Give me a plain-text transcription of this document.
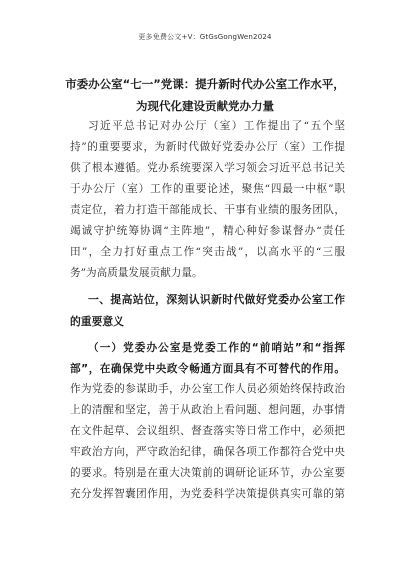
更多免费公文+V：GtGsGongWen2024
市委办公室“七一”党课：提升新时代办公室工作水平，
为现代化建设贡献党办力量
习近平总书记对办公厅（室）工作提出了“五个坚
持”的重要要求，为新时代做好党委办公厅（室）工作提
供了根本遵循。党办系统要深入学习领会习近平总书记关
于办公厅（室）工作的重要论述，聚焦“四最一中枢”职
责定位，着力打造干部能成长、干事有业绩的服务团队，
竭诚守护统筹协调“主阵地”，精心种好参谋督办“责任
田”，全力打好重点工作“突击战”，以高水平的“三服
务”为高质量发展贡献力量。
一、提高站位，深刻认识新时代做好党委办公室工作
的重要意义
（一）党委办公室是党委工作的“前哨站”和“指挥
部”，在确保党中央政令畅通方面具有不可替代的作用。
作为党委的参谋助手，办公室工作人员必须始终保持政治
上的清醒和坚定，善于从政治上看问题、想问题，办事情
在文件起草、会议组织、督查落实等日常工作中，必须把
牢政治方向，严守政治纪律，确保各项工作都符合党中央
的要求。特别是在重大决策前的调研论证环节，办公室要
充分发挥智囊团作用，为党委科学决策提供真实可靠的第
